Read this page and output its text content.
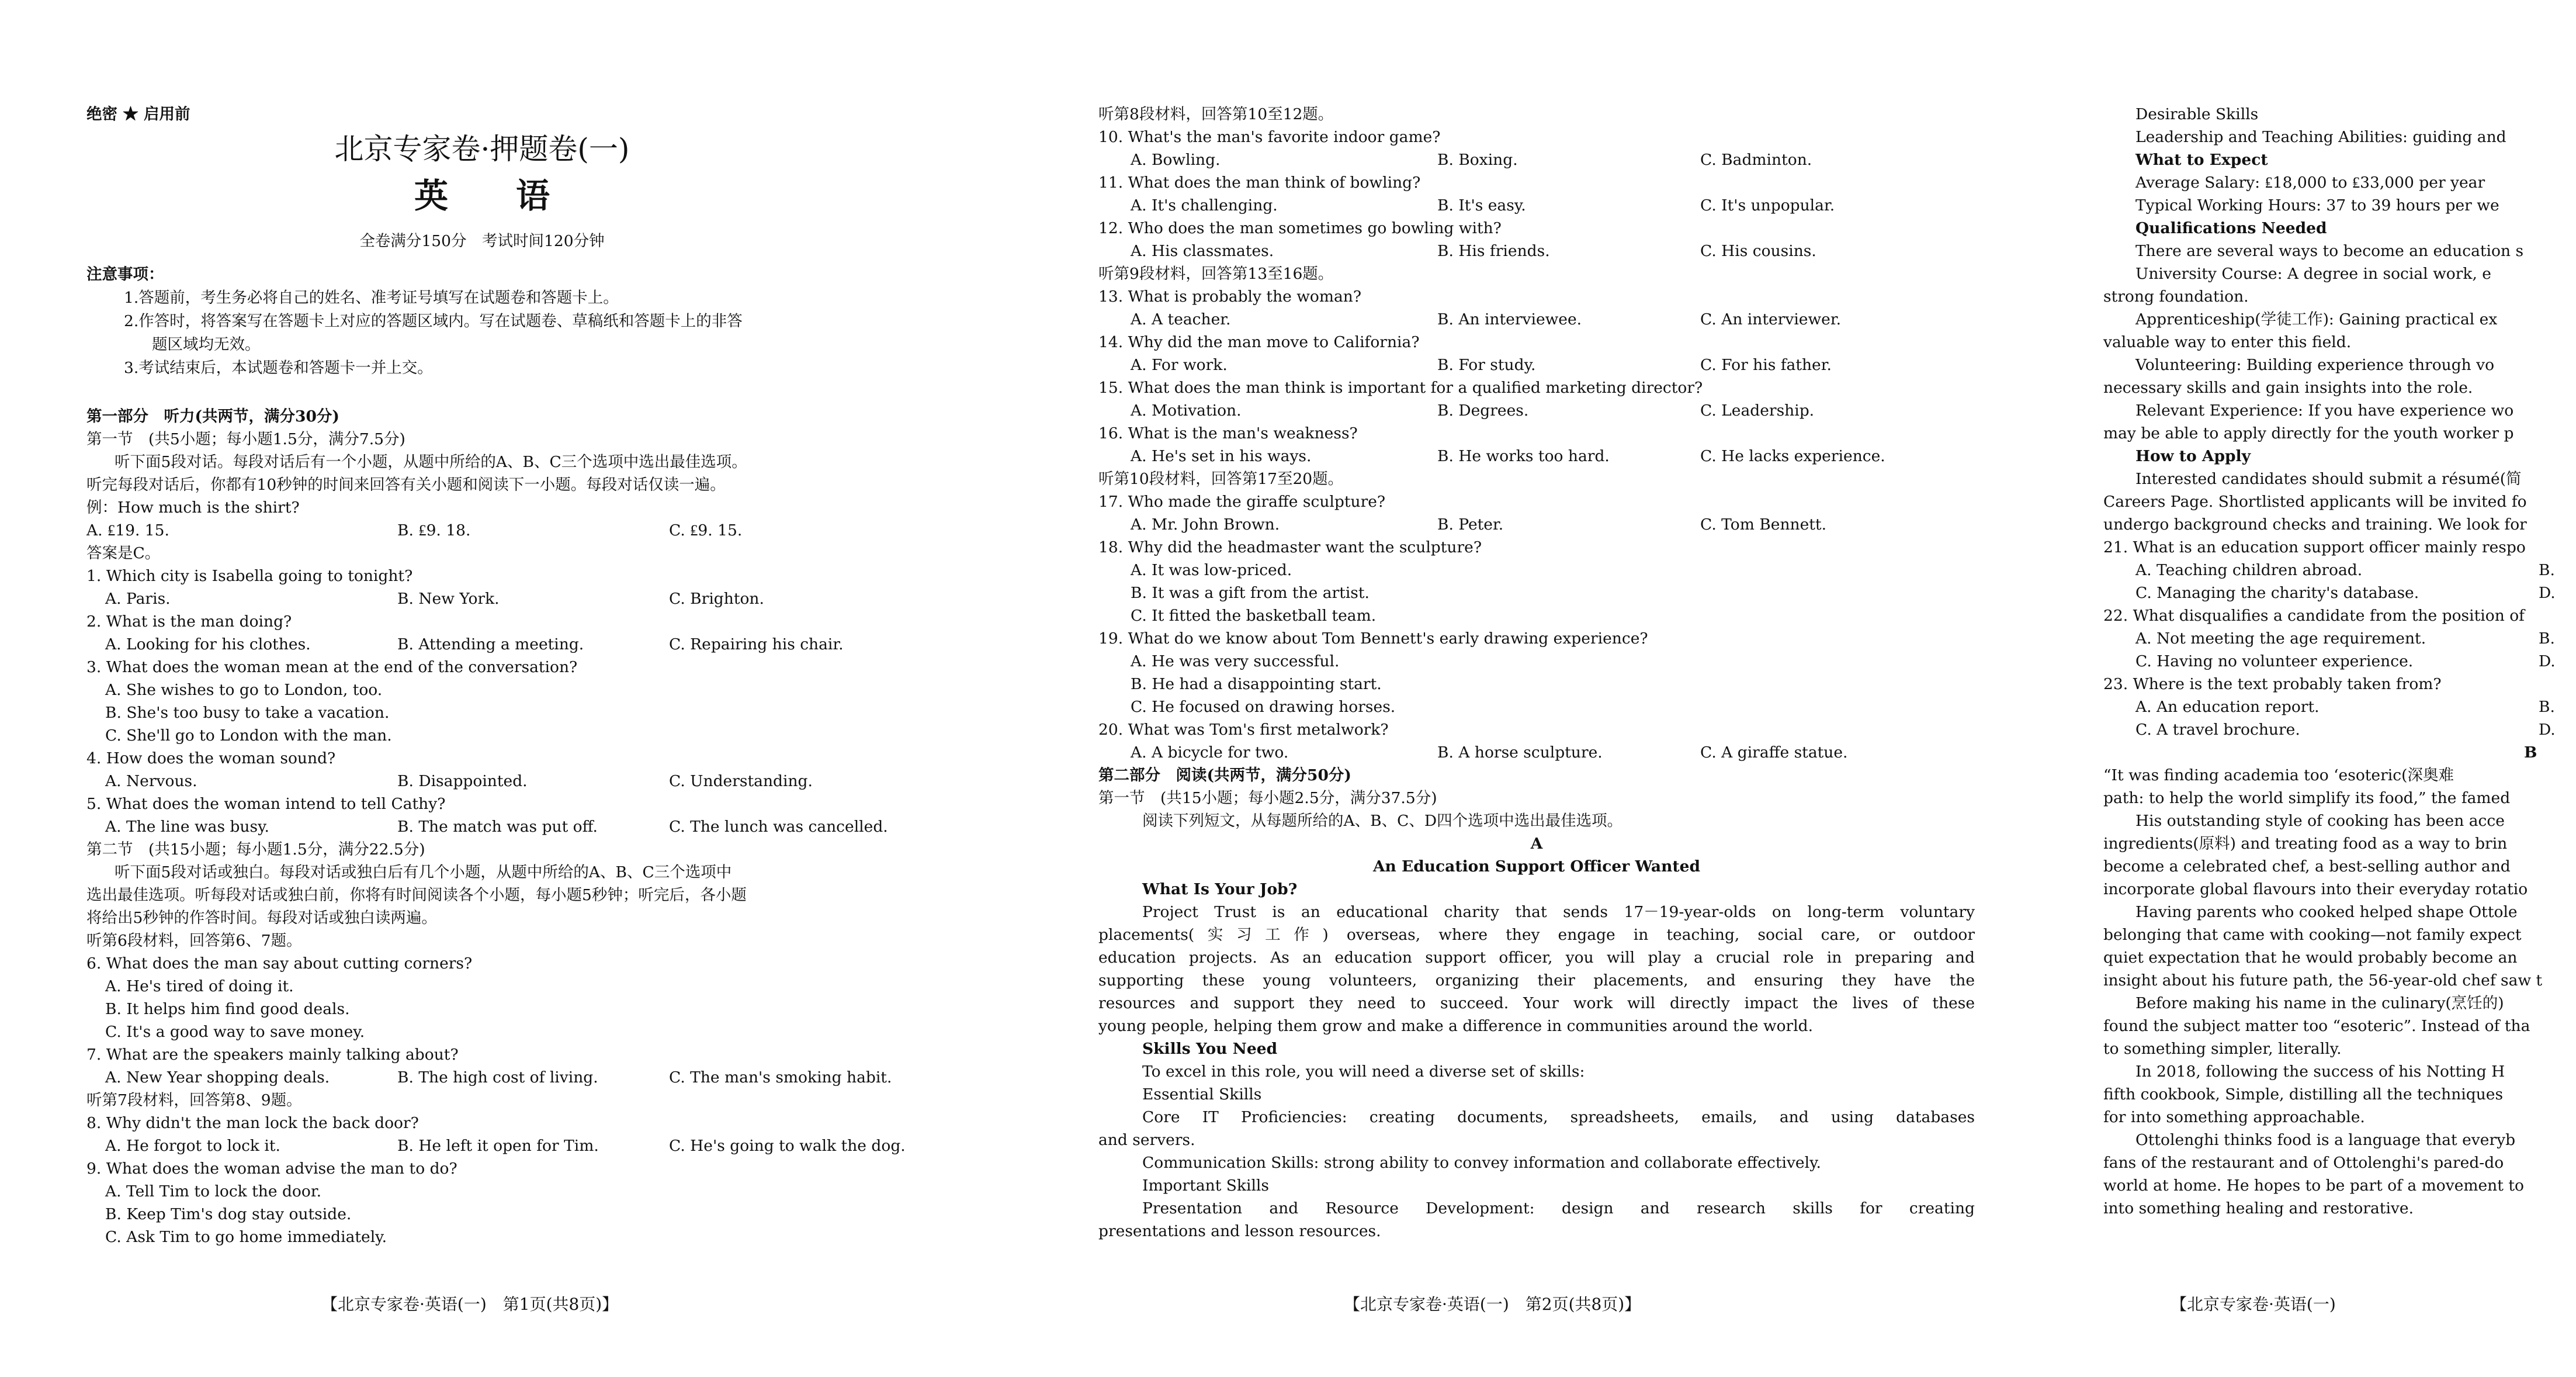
绝密 ★ 启用前
北京专家卷·押题卷(一)
英　　语
全卷满分150分　考试时间120分钟
注意事项：
1.答题前，考生务必将自己的姓名、准考证号填写在试题卷和答题卡上。
2.作答时，将答案写在答题卡上对应的答题区域内。写在试题卷、草稿纸和答题卡上的非答
题区域均无效。
3.考试结束后，本试题卷和答题卡一并上交。
第一部分　听力(共两节，满分30分)
第一节　(共5小题；每小题1.5分，满分7.5分)
听下面5段对话。每段对话后有一个小题，从题中所给的A、B、C三个选项中选出最佳选项。
听完每段对话后，你都有10秒钟的时间来回答有关小题和阅读下一小题。每段对话仅读一遍。
例：How much is the shirt?
A. ₤19. 15.	B. ₤9. 18.	C. ₤9. 15.
答案是C。
1. Which city is Isabella going to tonight?
A. Paris.	B. New York.	C. Brighton.
2. What is the man doing?
A. Looking for his clothes.	B. Attending a meeting.	C. Repairing his chair.
3. What does the woman mean at the end of the conversation?
A. She wishes to go to London, too.
B. She's too busy to take a vacation.
C. She'll go to London with the man.
4. How does the woman sound?
A. Nervous.	B. Disappointed.	C. Understanding.
5. What does the woman intend to tell Cathy?
A. The line was busy.	B. The match was put off.	C. The lunch was cancelled.
第二节　(共15小题；每小题1.5分，满分22.5分)
听下面5段对话或独白。每段对话或独白后有几个小题，从题中所给的A、B、C三个选项中
选出最佳选项。听每段对话或独白前，你将有时间阅读各个小题，每小题5秒钟；听完后，各小题
将给出5秒钟的作答时间。每段对话或独白读两遍。
听第6段材料，回答第6、7题。
6. What does the man say about cutting corners?
A. He's tired of doing it.
B. It helps him find good deals.
C. It's a good way to save money.
7. What are the speakers mainly talking about?
A. New Year shopping deals.	B. The high cost of living.	C. The man's smoking habit.
听第7段材料，回答第8、9题。
8. Why didn't the man lock the back door?
A. He forgot to lock it.	B. He left it open for Tim.	C. He's going to walk the dog.
9. What does the woman advise the man to do?
A. Tell Tim to lock the door.
B. Keep Tim's dog stay outside.
C. Ask Tim to go home immediately.
【北京专家卷·英语(一)　第1页(共8页)】
听第8段材料，回答第10至12题。
10. What's the man's favorite indoor game?
A. Bowling.	B. Boxing.	C. Badminton.
11. What does the man think of bowling?
A. It's challenging.	B. It's easy.	C. It's unpopular.
12. Who does the man sometimes go bowling with?
A. His classmates.	B. His friends.	C. His cousins.
听第9段材料，回答第13至16题。
13. What is probably the woman?
A. A teacher.	B. An interviewee.	C. An interviewer.
14. Why did the man move to California?
A. For work.	B. For study.	C. For his father.
15. What does the man think is important for a qualified marketing director?
A. Motivation.	B. Degrees.	C. Leadership.
16. What is the man's weakness?
A. He's set in his ways.	B. He works too hard.	C. He lacks experience.
听第10段材料，回答第17至20题。
17. Who made the giraffe sculpture?
A. Mr. John Brown.	B. Peter.	C. Tom Bennett.
18. Why did the headmaster want the sculpture?
A. It was low-priced.
B. It was a gift from the artist.
C. It fitted the basketball team.
19. What do we know about Tom Bennett's early drawing experience?
A. He was very successful.
B. He had a disappointing start.
C. He focused on drawing horses.
20. What was Tom's first metalwork?
A. A bicycle for two.	B. A horse sculpture.	C. A giraffe statue.
第二部分　阅读(共两节，满分50分)
第一节　(共15小题；每小题2.5分，满分37.5分)
阅读下列短文，从每题所给的A、B、C、D四个选项中选出最佳选项。
A
An Education Support Officer Wanted
What Is Your Job?
Project Trust is an educational charity that sends 17－19-year-olds on long-term voluntary
placements(实习工作) overseas, where they engage in teaching, social care, or outdoor
education projects. As an education support officer, you will play a crucial role in preparing and
supporting these young volunteers, organizing their placements, and ensuring they have the
resources and support they need to succeed. Your work will directly impact the lives of these
young people, helping them grow and make a difference in communities around the world.
Skills You Need
To excel in this role, you will need a diverse set of skills:
Essential Skills
Core IT Proficiencies: creating documents, spreadsheets, emails, and using databases
and servers.
Communication Skills: strong ability to convey information and collaborate effectively.
Important Skills
Presentation and Resource Development: design and research skills for creating
presentations and lesson resources.
【北京专家卷·英语(一)　第2页(共8页)】
Desirable Skills
Leadership and Teaching Abilities: guiding and
What to Expect
Average Salary: ₤18,000 to ₤33,000 per year
Typical Working Hours: 37 to 39 hours per we
Qualifications Needed
There are several ways to become an education s
University Course: A degree in social work, e
strong foundation.
Apprenticeship(学徒工作): Gaining practical ex
valuable way to enter this field.
Volunteering: Building experience through vo
necessary skills and gain insights into the role.
Relevant Experience: If you have experience wo
may be able to apply directly for the youth worker p
How to Apply
Interested candidates should submit a résumé(简
Careers Page. Shortlisted applicants will be invited fo
undergo background checks and training. We look for
21. What is an education support officer mainly respo
A. Teaching children abroad.	B.
C. Managing the charity's database.	D.
22. What disqualifies a candidate from the position of
A. Not meeting the age requirement.	B.
C. Having no volunteer experience.	D.
23. Where is the text probably taken from?
A. An education report.	B.
C. A travel brochure.	D.
B
“It was finding academia too ‘esoteric(深奥难
path: to help the world simplify its food,” the famed
His outstanding style of cooking has been acce
ingredients(原料) and treating food as a way to brin
become a celebrated chef, a best-selling author and
incorporate global flavours into their everyday rotatio
Having parents who cooked helped shape Ottole
belonging that came with cooking—not family expect
quiet expectation that he would probably become an
insight about his future path, the 56-year-old chef saw t
Before making his name in the culinary(烹饪的)
found the subject matter too “esoteric”. Instead of tha
to something simpler, literally.
In 2018, following the success of his Notting H
fifth cookbook, Simple, distilling all the techniques
for into something approachable.
Ottolenghi thinks food is a language that everyb
fans of the restaurant and of Ottolenghi's pared-do
world at home. He hopes to be part of a movement to
into something healing and restorative.
【北京专家卷·英语(一)
